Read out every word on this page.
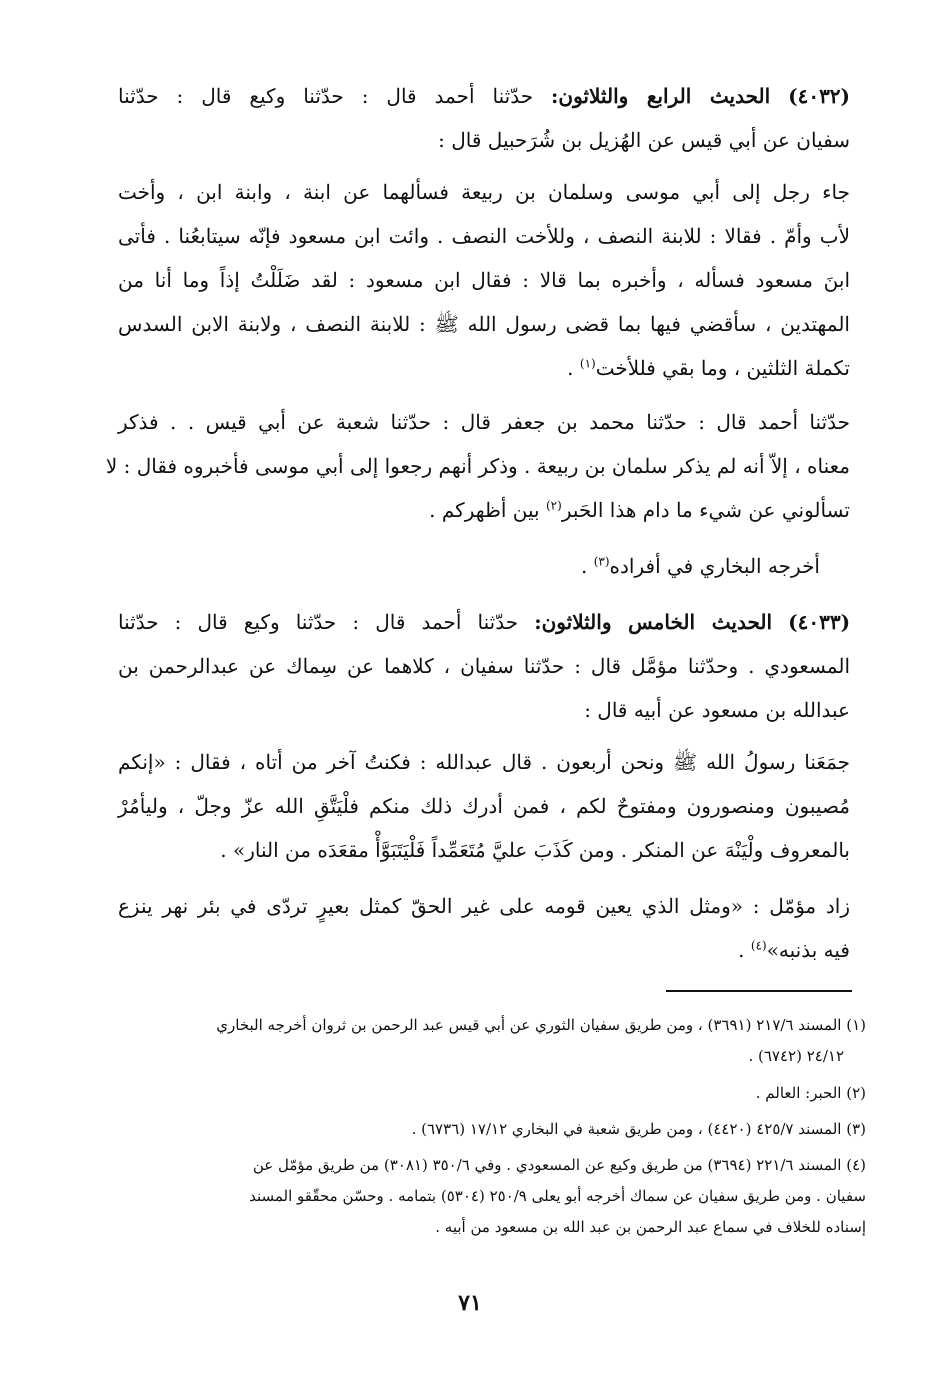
(٤٠٣٢) الحديث الرابع والثلاثون: حدّثنا أحمد قال : حدّثنا وكيع قال : حدّثنا
سفيان عن أبي قيس عن الهُزيل بن شُرَحبيل قال :

جاء رجل إلى أبي موسى وسلمان بن ربيعة فسألهما عن ابنة ، وابنة ابن ، وأخت
لأب وأمّ . فقالا : للابنة النصف ، وللأخت النصف . وائت ابن مسعود فإنّه سيتابعُنا . فأتى
ابنَ مسعود فسأله ، وأخبره بما قالا : فقال ابن مسعود : لقد ضَلَلْتُ إذاً وما أنا من
المهتدين ، سأقضي فيها بما قضى رسول الله ﷺ : للابنة النصف ، ولابنة الابن السدس
تكملة الثلثين ، وما بقي فللأخت$^{(١)}$ .

حدّثنا أحمد قال : حدّثنا محمد بن جعفر قال : حدّثنا شعبة عن أبي قيس . . فذكر
معناه ، إلاّ أنه لم يذكر سلمان بن ربيعة . وذكر أنهم رجعوا إلى أبي موسى فأخبروه فقال : لا
تسألوني عن شيء ما دام هذا الحَبر$^{(٢)}$ بين أظهركم .

أخرجه البخاري في أفراده$^{(٣)}$ .

(٤٠٣٣) الحديث الخامس والثلاثون: حدّثنا أحمد قال : حدّثنا وكيع قال : حدّثنا
المسعودي . وحدّثنا مؤمَّل قال : حدّثنا سفيان ، كلاهما عن سِماك عن عبدالرحمن بن
عبدالله بن مسعود عن أبيه قال :

جمَعَنا رسولُ الله ﷺ ونحن أربعون . قال عبدالله : فكنتُ آخر من أتاه ، فقال : «إنكم
مُصيبون ومنصورون ومفتوحٌ لكم ، فمن أدرك ذلك منكم فلْيَتَّقِ الله عزّ وجلّ ، وليأمُرْ
بالمعروف ولْيَنْهَ عن المنكر . ومن كَذَبَ عليَّ مُتَعَمِّداً فَلْيَتَبَوَّأْ مقعَدَه من النار» .

زاد مؤمّل : «ومثل الذي يعين قومه على غير الحقّ كمثل بعيرٍ تردّى في بئر نهر ينزع
فيه بذنبه»$^{(٤)}$ .

(١) المسند ٢١٧/٦ (٣٦٩١) ، ومن طريق سفيان الثوري عن أبي قيس عبد الرحمن بن ثروان أخرجه البخاري
٢٤/١٢ (٦٧٤٢) .

(٢) الحبر: العالم .

(٣) المسند ٤٢٥/٧ (٤٤٢٠) ، ومن طريق شعبة في البخاري ١٧/١٢ (٦٧٣٦) .

(٤) المسند ٢٢١/٦ (٣٦٩٤) من طريق وكيع عن المسعودي . وفي ٣٥٠/٦ (٣٠٨١) من طريق مؤمّل عن
سفيان . ومن طريق سفيان عن سماك أخرجه أبو يعلى ٢٥٠/٩ (٥٣٠٤) بتمامه . وحسّن محقّقو المسند
إسناده للخلاف في سماع عبد الرحمن بن عبد الله بن مسعود من أبيه .

٧١
